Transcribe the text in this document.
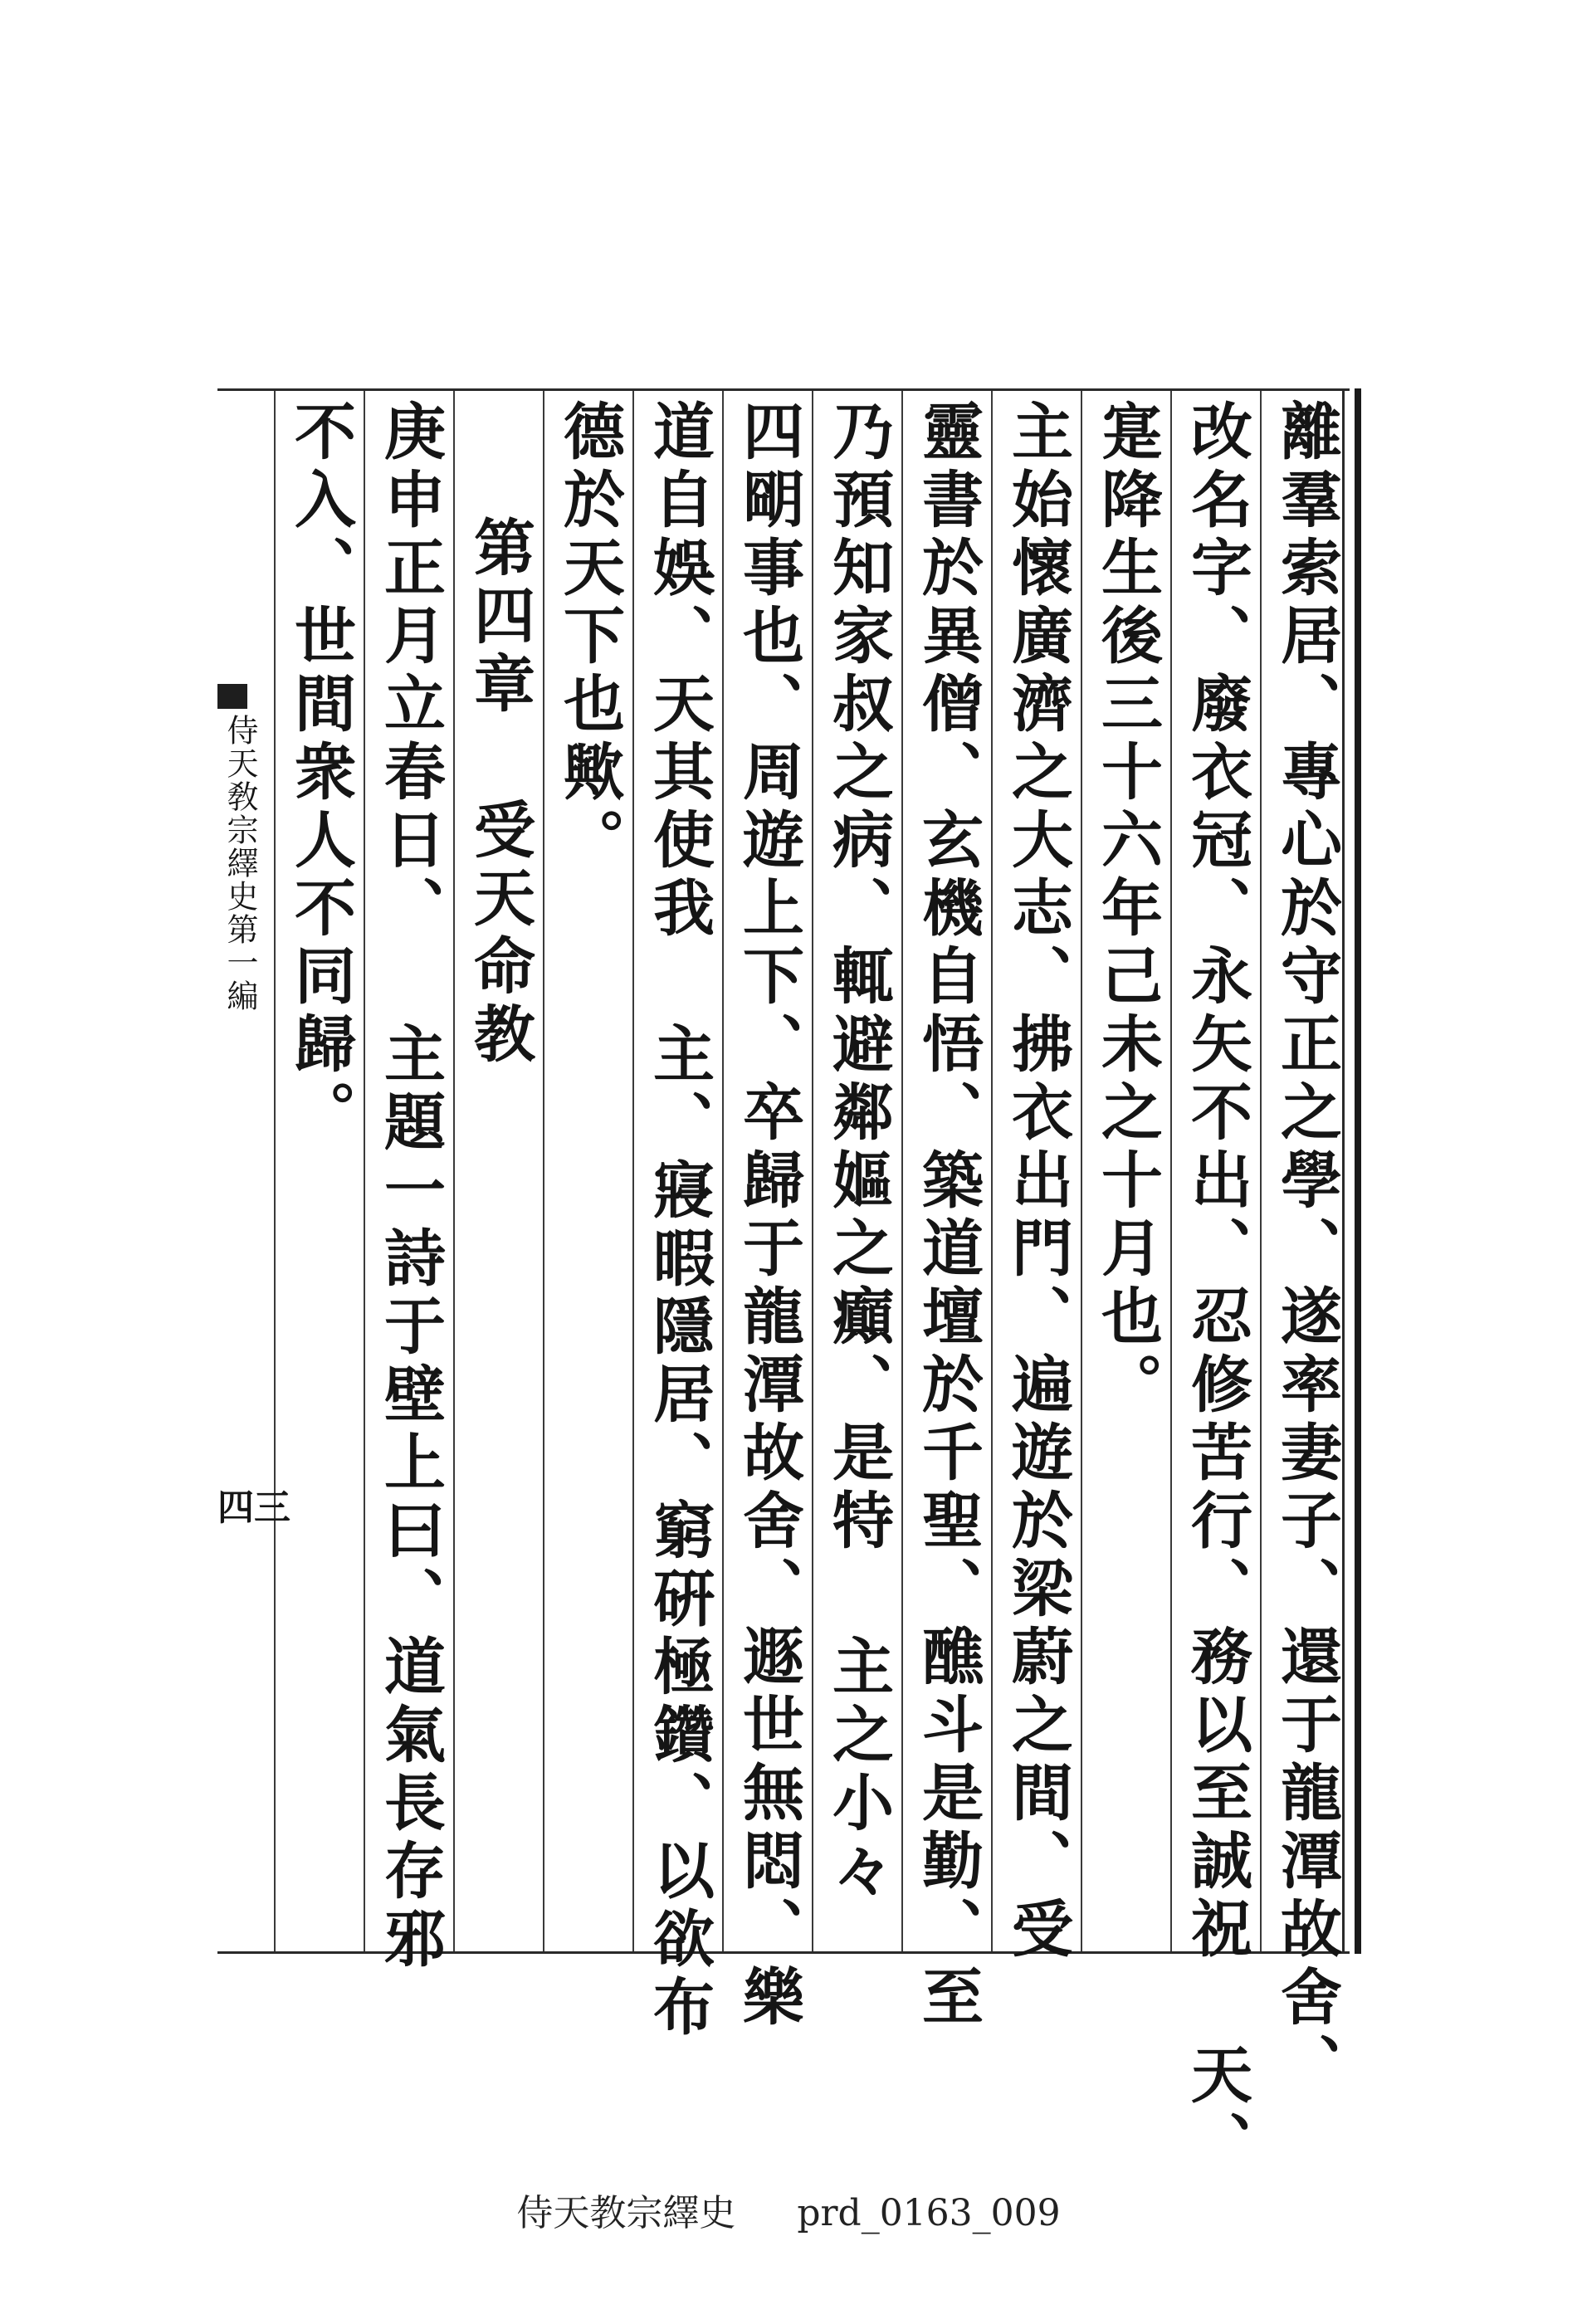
離羣索居、專心於守正之學、遂率妻子、還于龍潭故舍、
改名字、廢衣冠、永矢不出、忍修苦行、務以至誠祝 天、
寔降生後三十六年己未之十月也。
主始懷廣濟之大志、拂衣出門、遍遊於梁蔚之間、受
靈書於異僧、玄機自悟、築道壇於千聖、醮斗是勤、至
乃預知家叔之病、輒避鄰嫗之癲、是特 主之小々
四朙事也、周遊上下、卒歸于龍潭故舍、遯世無悶、樂
道自娛、天其使我 主、寢暇隱居、窮硏極鑽、以欲布
德於天下也歟。
第四章 受天命教
庚申正月立春日、 主題一詩于壁上曰、道氣長存邪
不入、世間衆人不同歸。
侍天敎宗繹史第一編
四三
侍天教宗繹史 prd_0163_009
